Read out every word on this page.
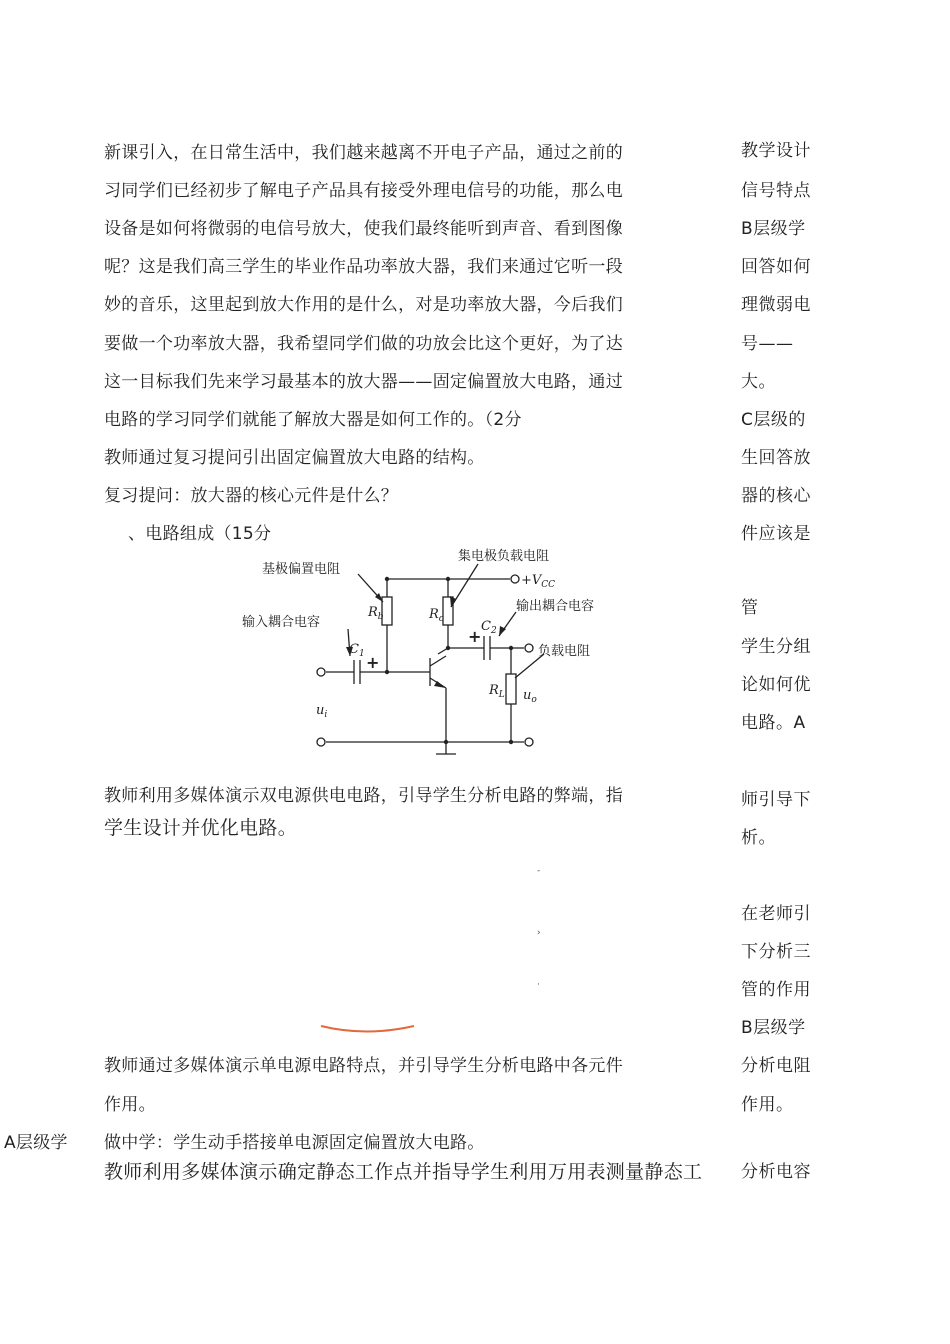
新课引入，在日常生活中，我们越来越离不开电子产品，通过之前的
习同学们已经初步了解电子产品具有接受外理电信号的功能，那么电
设备是如何将微弱的电信号放大，使我们最终能听到声音、看到图像
呢？这是我们高三学生的毕业作品功率放大器，我们来通过它听一段
妙的音乐，这里起到放大作用的是什么，对是功率放大器，今后我们
要做一个功率放大器，我希望同学们做的功放会比这个更好，为了达
这一目标我们先来学习最基本的放大器——固定偏置放大电路，通过
电路的学习同学们就能了解放大器是如何工作的。（2分
教师通过复习提问引出固定偏置放大电路的结构。
复习提问：放大器的核心元件是什么？
、电路组成（15分
基极偏置电阻
集电极负载电阻
输入耦合电容
输出耦合电容
负载电阻
$+V_{CC}$
$R_b$	$R_c$
$C_1$
$C_2$
$R_L$
$u_i$
$u_o$
+
+
教师利用多媒体演示双电源供电电路，引导学生分析电路的弊端，指
学生设计并优化电路。
‐
›
·
教师通过多媒体演示单电源电路特点，并引导学生分析电路中各元件
作用。
A层级学 做中学：学生动手搭接单电源固定偏置放大电路。
教师利用多媒体演示确定静态工作点并指导学生利用万用表测量静态工
教学设计
信号特点
B层级学
回答如何
理微弱电
号——
大。
C层级的
生回答放
器的核心
件应该是
管
学生分组
论如何优
电路。A
师引导下
析。
在老师引
下分析三
管的作用
B层级学
分析电阻
作用。
分析电容
